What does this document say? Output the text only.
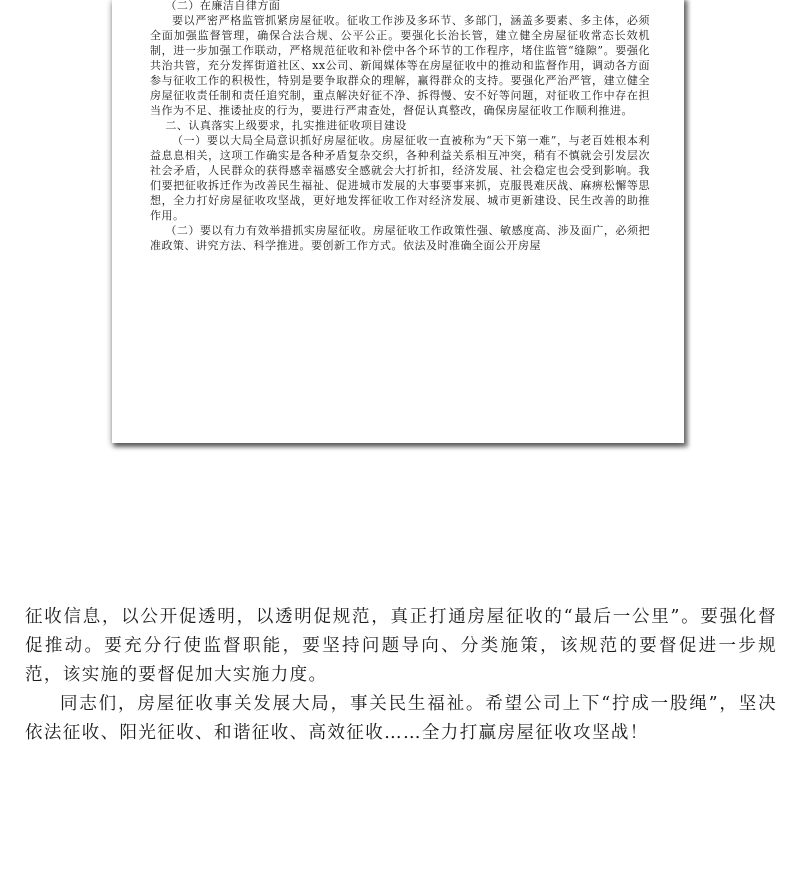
（二）在廉洁自律方面

要以严密严格监管抓紧房屋征收。征收工作涉及多环节、多部门，涵盖多要素、多主体，必须全面加强监督管理，确保合法合规、公平公正。要强化长治长管，建立健全房屋征收常态长效机制，进一步加强工作联动，严格规范征收和补偿中各个环节的工作程序，堵住监管“缝隙”。要强化共治共管，充分发挥街道社区、xx公司、新闻媒体等在房屋征收中的推动和监督作用，调动各方面参与征收工作的积极性，特别是要争取群众的理解，赢得群众的支持。要强化严治严管，建立健全房屋征收责任制和责任追究制，重点解决好征不净、拆得慢、安不好等问题，对征收工作中存在担当作为不足、推诿扯皮的行为，要进行严肃查处，督促认真整改，确保房屋征收工作顺利推进。

二、认真落实上级要求，扎实推进征收项目建设

（一）要以大局全局意识抓好房屋征收。房屋征收一直被称为“天下第一难”，与老百姓根本利益息息相关，这项工作确实是各种矛盾复杂交织，各种利益关系相互冲突，稍有不慎就会引发层次社会矛盾，人民群众的获得感幸福感安全感就会大打折扣，经济发展、社会稳定也会受到影响。我们要把征收拆迁作为改善民生福祉、促进城市发展的大事要事来抓，克服畏难厌战、麻痹松懈等思想，全力打好房屋征收攻坚战，更好地发挥征收工作对经济发展、城市更新建设、民生改善的助推作用。

（二）要以有力有效举措抓实房屋征收。房屋征收工作政策性强、敏感度高、涉及面广，必须把准政策、讲究方法、科学推进。要创新工作方式。依法及时准确全面公开房屋

征收信息，以公开促透明，以透明促规范，真正打通房屋征收的“最后一公里”。要强化督促推动。要充分行使监督职能，要坚持问题导向、分类施策，该规范的要督促进一步规范，该实施的要督促加大实施力度。

同志们，房屋征收事关发展大局，事关民生福祉。希望公司上下“拧成一股绳”，坚决依法征收、阳光征收、和谐征收、高效征收……全力打赢房屋征收攻坚战！
